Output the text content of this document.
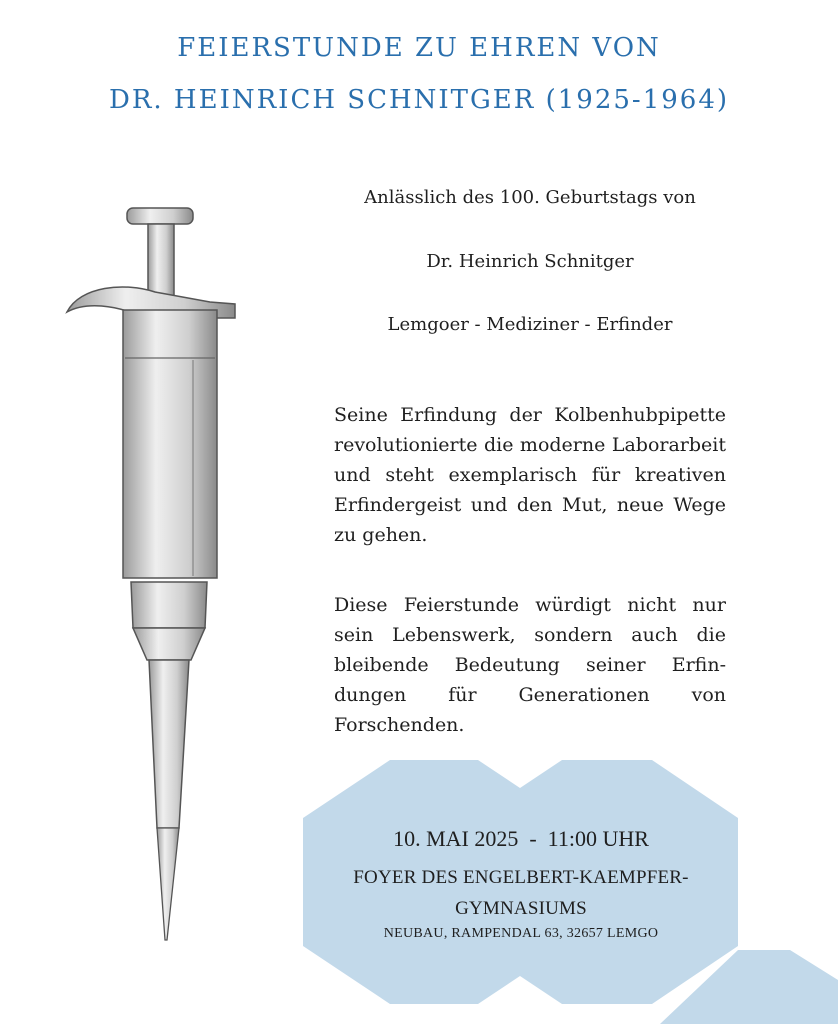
FEIERSTUNDE ZU EHREN VON
DR. HEINRICH SCHNITGER (1925-1964)
Anlässlich des 100. Geburtstags von
Dr. Heinrich Schnitger
Lemgoer - Mediziner - Erfinder
Seine Erfindung der Kolbenhubpipette revolutionierte die moderne Laborarbeit und steht exemplarisch für kreativen Erfindergeist und den Mut, neue Wege zu gehen.
Diese Feierstunde würdigt nicht nur sein Lebenswerk, sondern auch die bleibende Bedeutung seiner Erfindungen für Generationen von Forschenden.
10. MAI 2025  -  11:00 UHR
FOYER DES ENGELBERT-KAEMPFER-GYMNASIUMS
NEUBAU, RAMPENDAL 63, 32657 LEMGO
